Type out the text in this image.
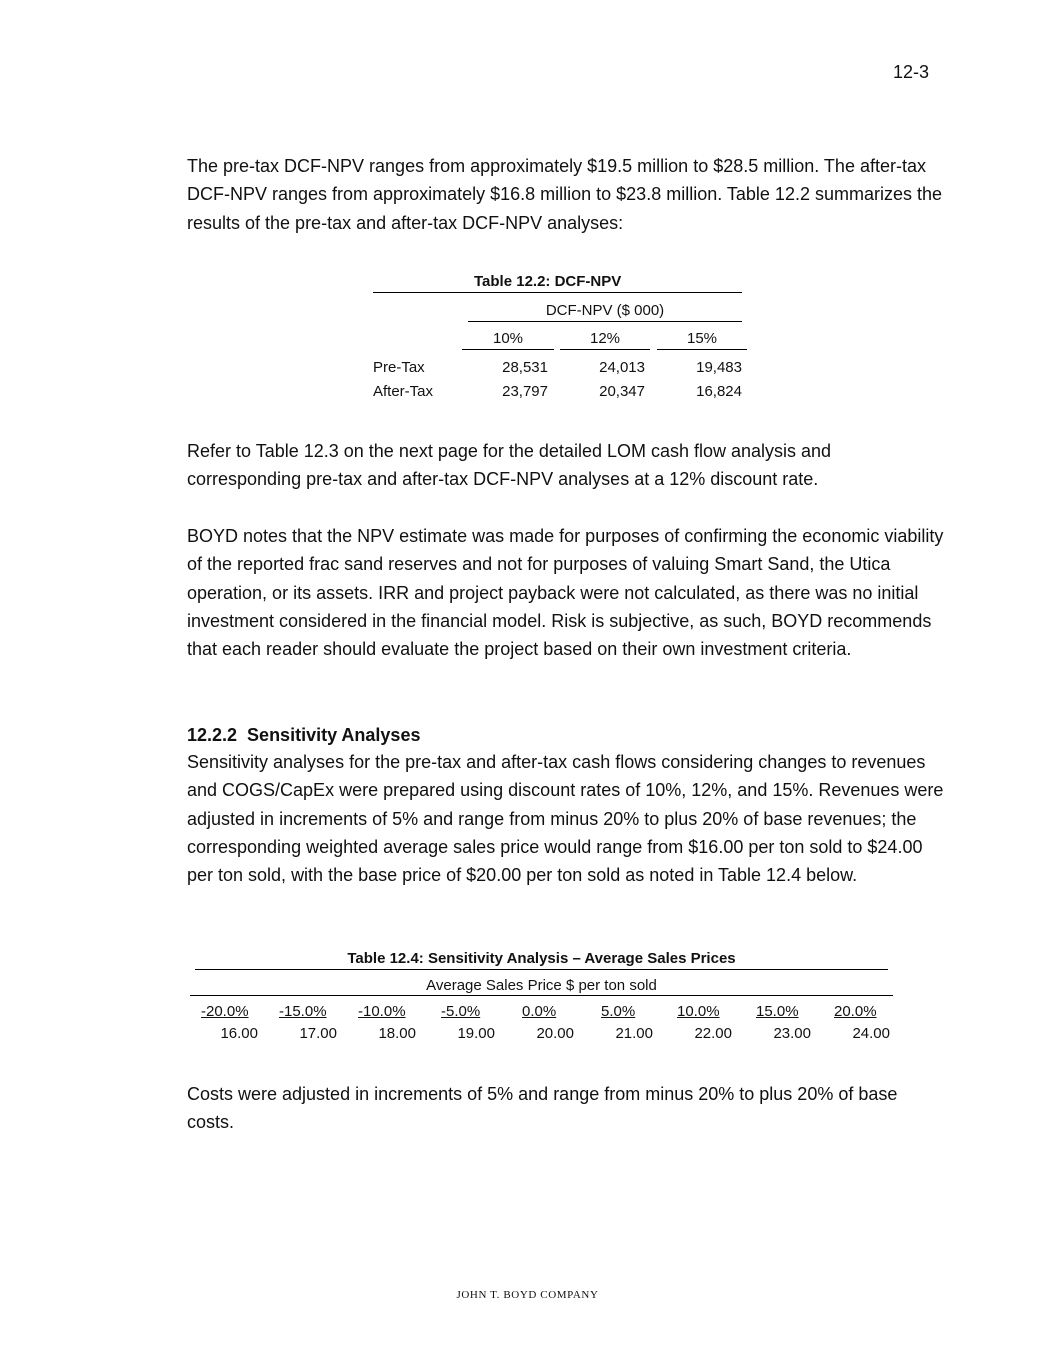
12-3

The pre-tax DCF-NPV ranges from approximately $19.5 million to $28.5 million. The after-tax DCF-NPV ranges from approximately $16.8 million to $23.8 million. Table 12.2 summarizes the results of the pre-tax and after-tax DCF-NPV analyses:

Table 12.2: DCF-NPV
DCF-NPV ($ 000)
10%	12%	15%
Pre-Tax	28,531	24,013	19,483
After-Tax	23,797	20,347	16,824

Refer to Table 12.3 on the next page for the detailed LOM cash flow analysis and corresponding pre-tax and after-tax DCF-NPV analyses at a 12% discount rate.

BOYD notes that the NPV estimate was made for purposes of confirming the economic viability of the reported frac sand reserves and not for purposes of valuing Smart Sand, the Utica operation, or its assets. IRR and project payback were not calculated, as there was no initial investment considered in the financial model. Risk is subjective, as such, BOYD recommends that each reader should evaluate the project based on their own investment criteria.

12.2.2 Sensitivity Analyses

Sensitivity analyses for the pre-tax and after-tax cash flows considering changes to revenues and COGS/CapEx were prepared using discount rates of 10%, 12%, and 15%. Revenues were adjusted in increments of 5% and range from minus 20% to plus 20% of base revenues; the corresponding weighted average sales price would range from $16.00 per ton sold to $24.00 per ton sold, with the base price of $20.00 per ton sold as noted in Table 12.4 below.

Table 12.4: Sensitivity Analysis – Average Sales Prices
Average Sales Price $ per ton sold
-20.0% -15.0% -10.0% -5.0%	0.0%	5.0%	10.0% 15.0% 20.0%
16.00	17.00	18.00	19.00	20.00	21.00	22.00	23.00	24.00

Costs were adjusted in increments of 5% and range from minus 20% to plus 20% of base costs.

JOHN T. BOYD COMPANY
